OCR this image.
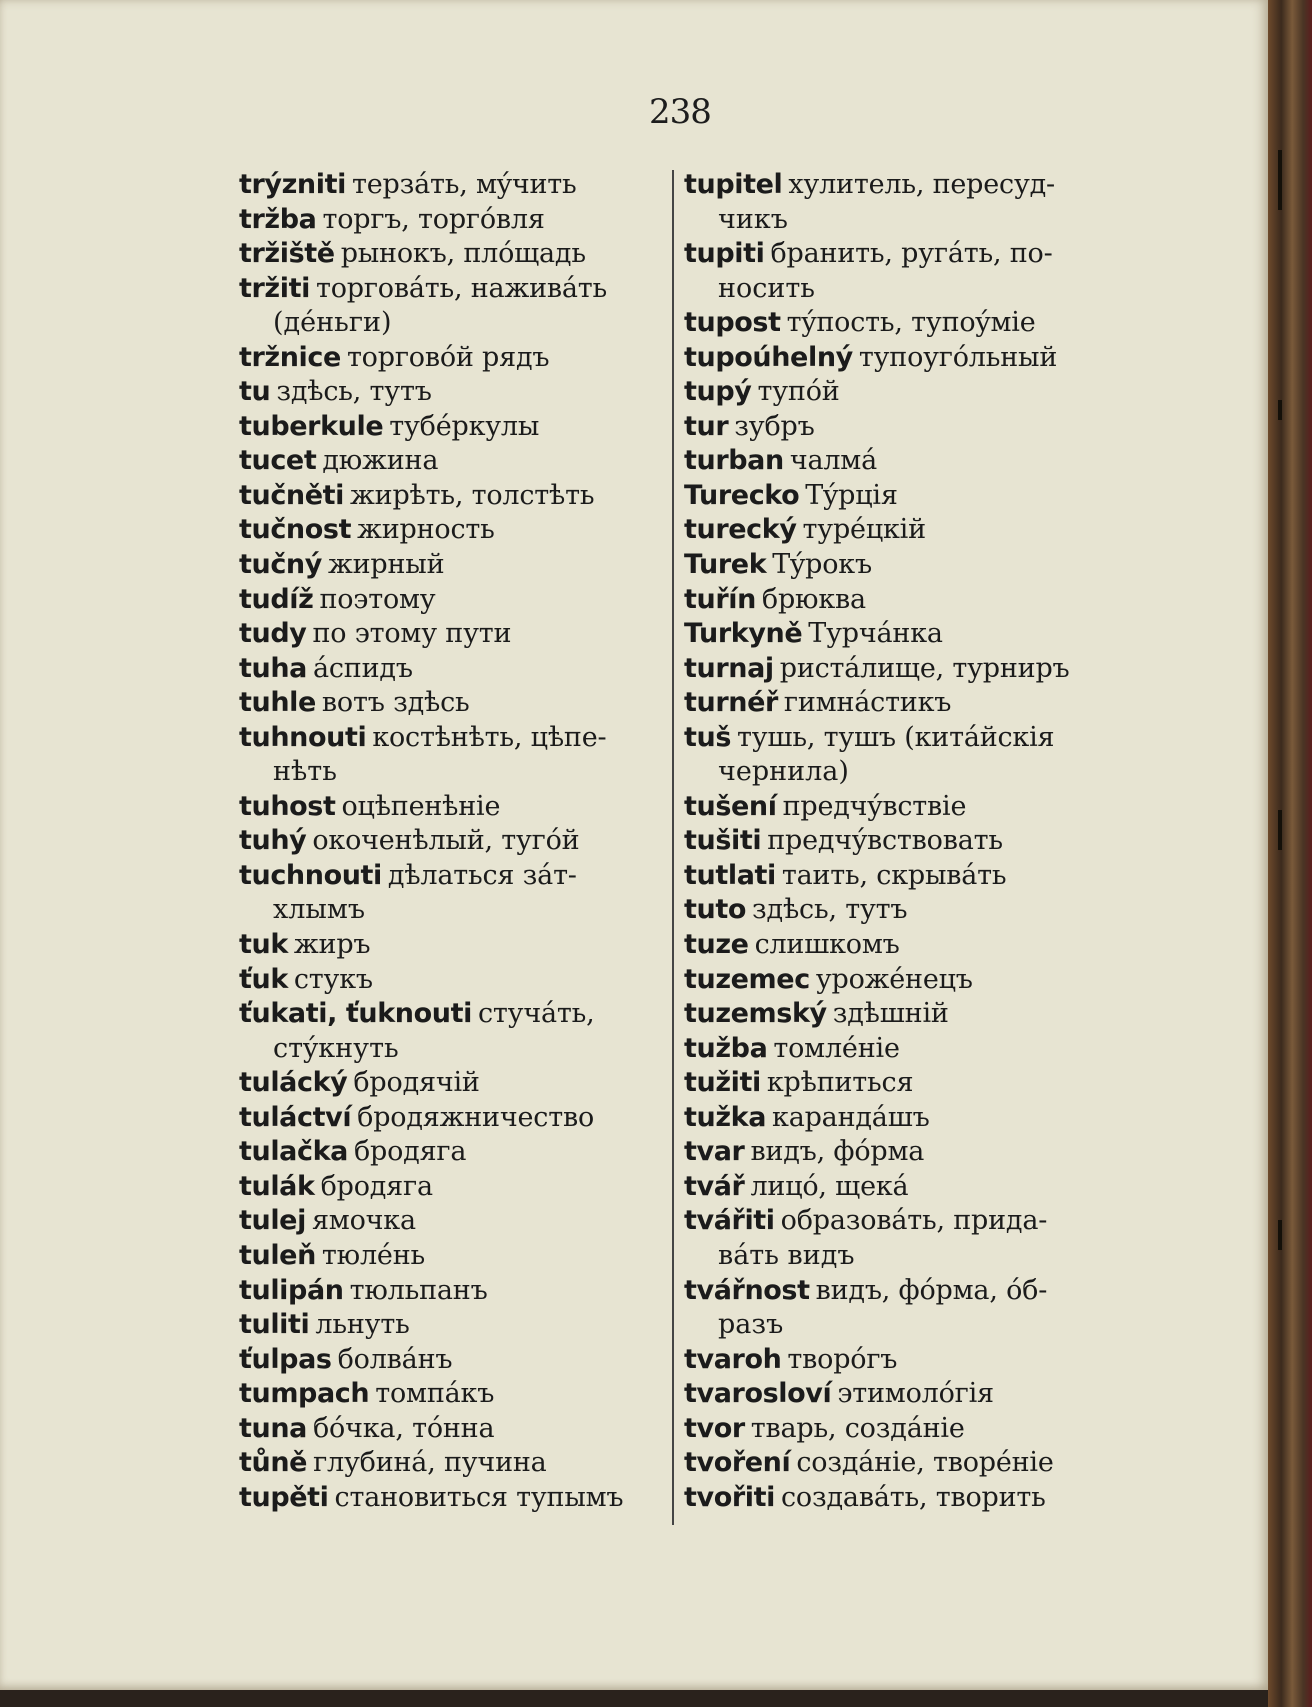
238
trýzniti терзáть, мýчить
tržba торгъ, торгóвля
tržiště рынокъ, плóщадь
tržiti торговáть, наживáть
(дéньги)
tržnice торговóй рядъ
tu здѣсь, тутъ
tuberkule тубéркулы
tucet дюжина
tučněti жирѣть, толстѣть
tučnost жирность
tučný жирный
tudíž поэтому
tudy по этому пути
tuha áспидъ
tuhle вотъ здѣсь
tuhnouti костѣнѣть, цѣпе-
нѣть
tuhost оцѣпенѣніе
tuhý окоченѣлый, тугóй
tuchnouti дѣлаться зáт-
хлымъ
tuk жиръ
ťuk стукъ
ťukati, ťuknouti стучáть,
стýкнуть
tulácký бродячій
tuláctví бродяжничество
tulačka бродяга
tulák бродяга
tulej ямочка
tuleň тюлéнь
tulipán тюльпанъ
tuliti льнуть
ťulpas болвáнъ
tumpach томпáкъ
tuna бóчка, тóнна
tůně глубинá, пучина
tupěti становиться тупымъ
tupitel хулитель, пересуд-
чикъ
tupiti бранить, ругáть, по-
носить
tupost тýпость, тупоýміе
tupoúhelný тупоугóльный
tupý тупóй
tur зубръ
turban чалмá
Turecko Тýрція
turecký турéцкій
Turek Тýрокъ
tuřín брюква
Turkyně Турчáнка
turnaj ристáлище, турниръ
turnéř гимнáстикъ
tuš тушь, тушъ (китáйскія
чернила)
tušení предчýвствіе
tušiti предчýвствовать
tutlati таить, скрывáть
tuto здѣсь, тутъ
tuze слишкомъ
tuzemec урожéнецъ
tuzemský здѣшній
tužba томлéніе
tužiti крѣпиться
tužka карандáшъ
tvar видъ, фóрма
tvář лицó, щекá
tvářiti образовáть, прида-
вáть видъ
tvářnost видъ, фóрма, óб-
разъ
tvaroh творóгъ
tvarosloví этимолóгія
tvor тварь, создáніе
tvoření создáніе, творéніе
tvořiti создавáть, творить
